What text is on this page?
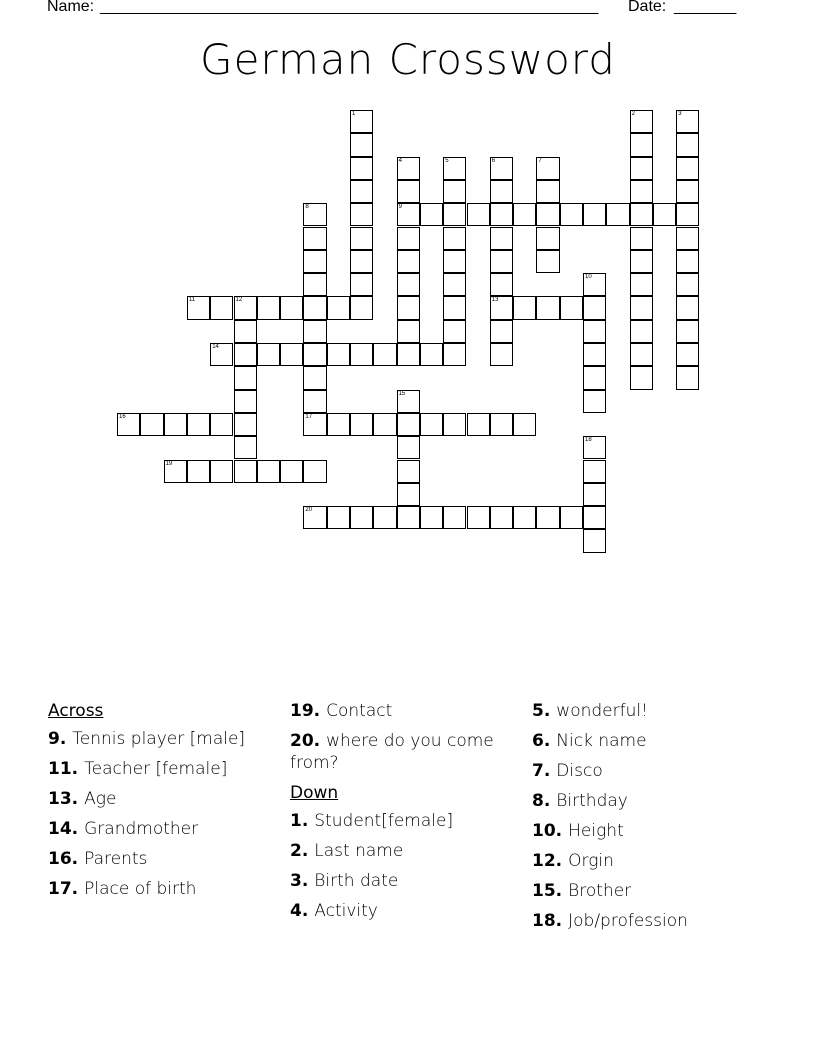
Name: ________________________________________________________ Date: _______
German Crossword
1	2	3
4
9
5	6
13
7
8
10
11	12
14
15
16	17
18
19
20
Across
9. Tennis player [male]
11. Teacher [female]
13. Age
14. Grandmother
16. Parents
17. Place of birth
19. Contact
20. where do you come from?
Down
1. Student[female]
2. Last name
3. Birth date
4. Activity
5. wonderful!
6. Nick name
7. Disco
8. Birthday
10. Height
12. Orgin
15. Brother
18. Job/profession
